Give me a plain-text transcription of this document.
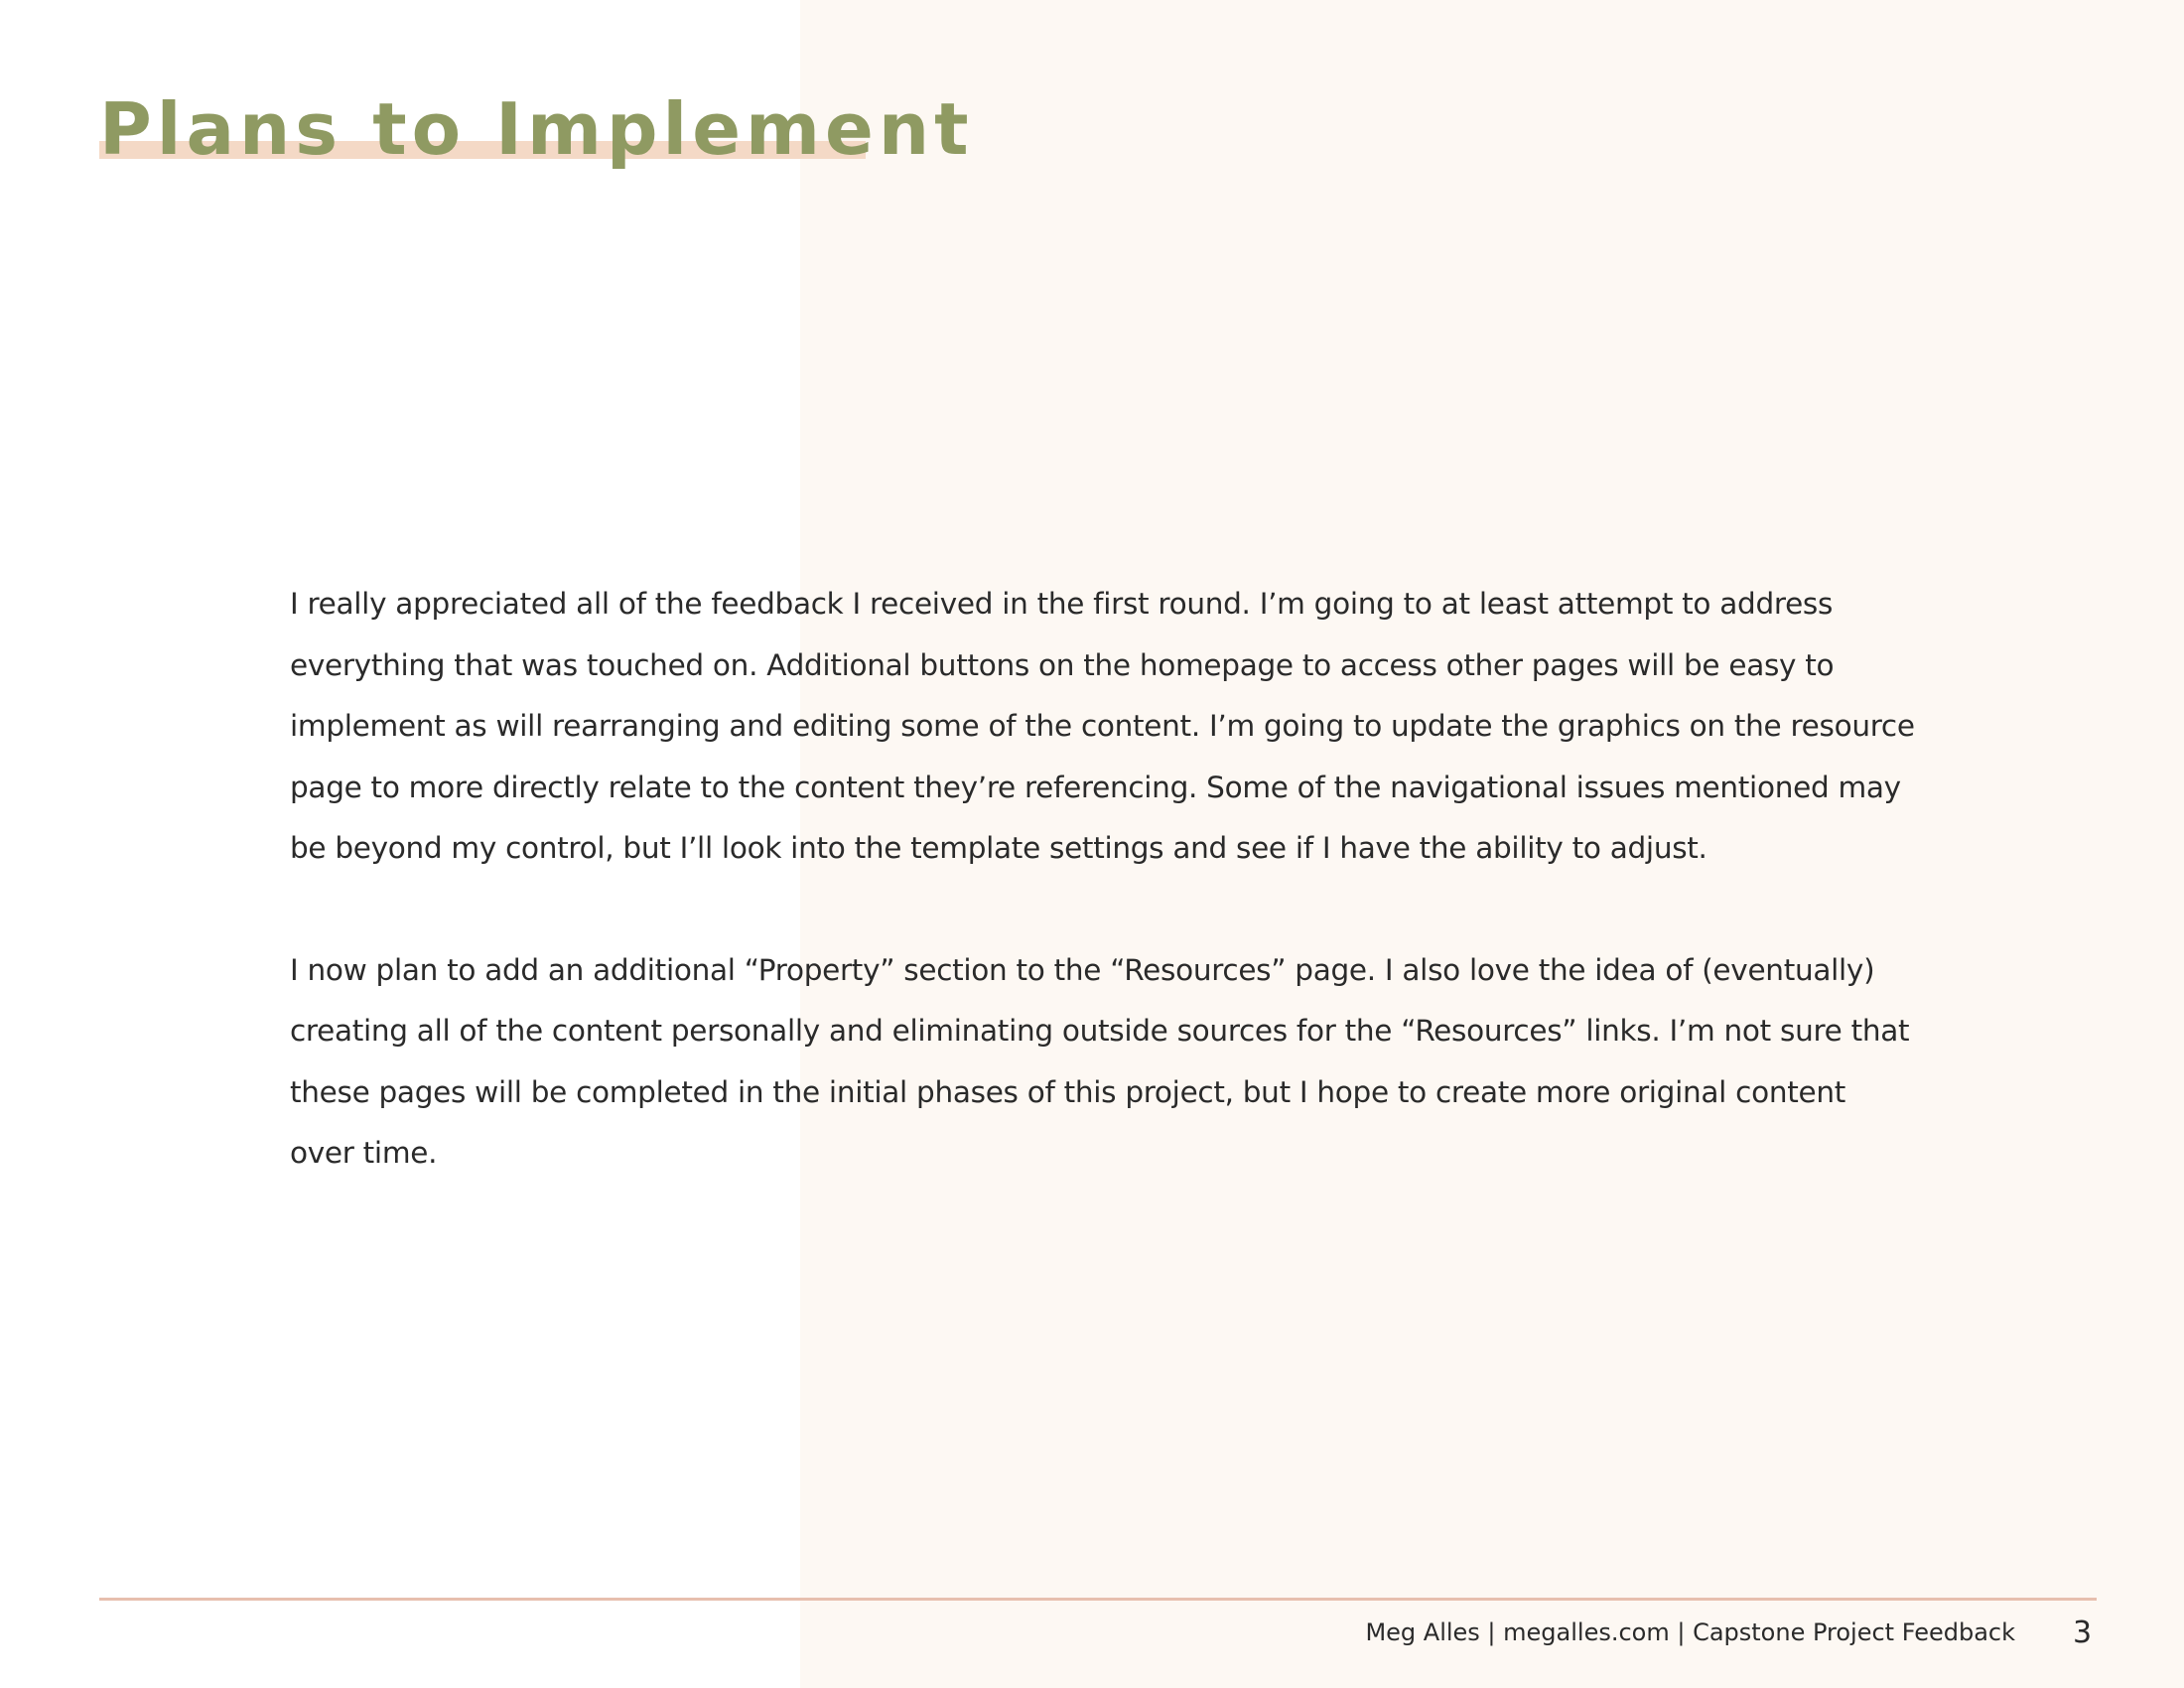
Plans to Implement

I really appreciated all of the feedback I received in the first round. I’m going to at least attempt to address everything that was touched on. Additional buttons on the homepage to access other pages will be easy to implement as will rearranging and editing some of the content. I’m going to update the graphics on the resource page to more directly relate to the content they’re referencing. Some of the navigational issues mentioned may be beyond my control, but I’ll look into the template settings and see if I have the ability to adjust.

I now plan to add an additional “Property” section to the “Resources” page. I also love the idea of (eventually) creating all of the content personally and eliminating outside sources for the “Resources” links. I’m not sure that these pages will be completed in the initial phases of this project, but I hope to create more original content over time.

Meg Alles | megalles.com | Capstone Project Feedback 3
